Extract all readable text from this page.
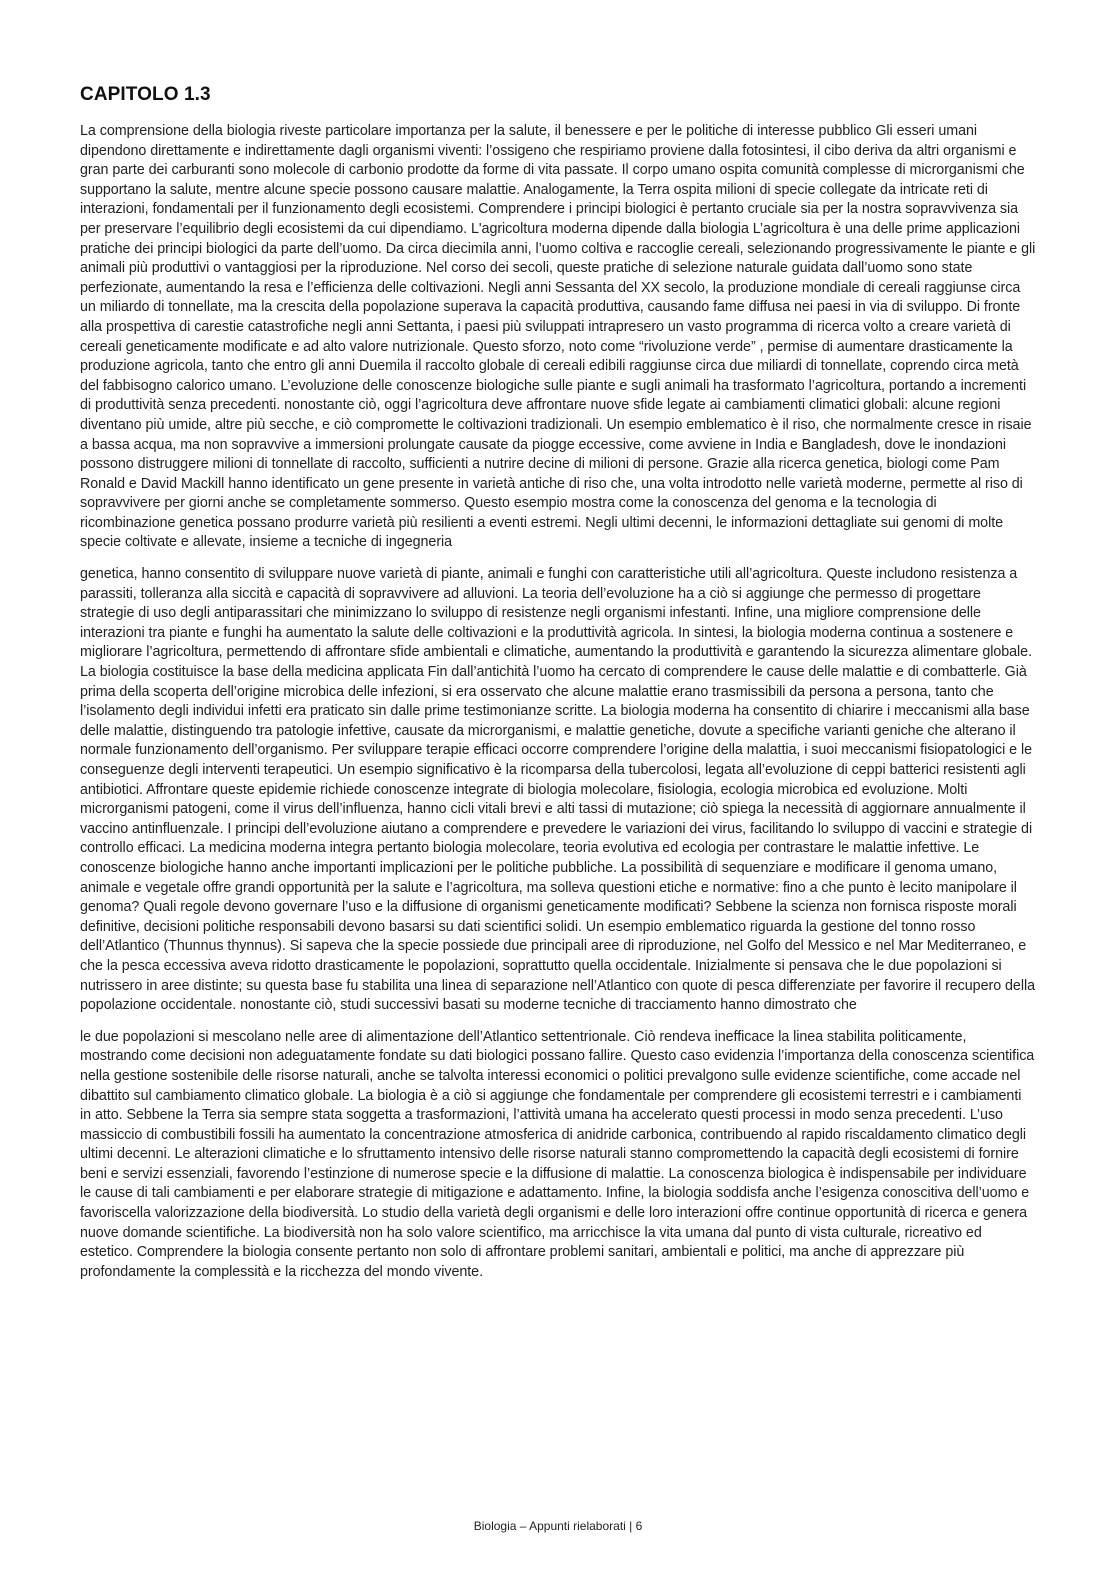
CAPITOLO 1.3

La comprensione della biologia riveste particolare importanza per la salute, il benessere e per le politiche di interesse pubblico Gli esseri umani dipendono direttamente e indirettamente dagli organismi viventi: l’ossigeno che respiriamo proviene dalla fotosintesi, il cibo deriva da altri organismi e gran parte dei carburanti sono molecole di carbonio prodotte da forme di vita passate. Il corpo umano ospita comunità complesse di microrganismi che supportano la salute, mentre alcune specie possono causare malattie. Analogamente, la Terra ospita milioni di specie collegate da intricate reti di interazioni, fondamentali per il funzionamento degli ecosistemi. Comprendere i principi biologici è pertanto cruciale sia per la nostra sopravvivenza sia per preservare l’equilibrio degli ecosistemi da cui dipendiamo. L'agricoltura moderna dipende dalla biologia L’agricoltura è una delle prime applicazioni pratiche dei principi biologici da parte dell’uomo. Da circa diecimila anni, l’uomo coltiva e raccoglie cereali, selezionando progressivamente le piante e gli animali più produttivi o vantaggiosi per la riproduzione. Nel corso dei secoli, queste pratiche di selezione naturale guidata dall’uomo sono state perfezionate, aumentando la resa e l’efficienza delle coltivazioni. Negli anni Sessanta del XX secolo, la produzione mondiale di cereali raggiunse circa un miliardo di tonnellate, ma la crescita della popolazione superava la capacità produttiva, causando fame diffusa nei paesi in via di sviluppo. Di fronte alla prospettiva di carestie catastrofiche negli anni Settanta, i paesi più sviluppati intrapresero un vasto programma di ricerca volto a creare varietà di cereali geneticamente modificate e ad alto valore nutrizionale. Questo sforzo, noto come “rivoluzione verde” , permise di aumentare drasticamente la produzione agricola, tanto che entro gli anni Duemila il raccolto globale di cereali edibili raggiunse circa due miliardi di tonnellate, coprendo circa metà del fabbisogno calorico umano. L’evoluzione delle conoscenze biologiche sulle piante e sugli animali ha trasformato l’agricoltura, portando a incrementi di produttività senza precedenti. nonostante ciò, oggi l’agricoltura deve affrontare nuove sfide legate ai cambiamenti climatici globali: alcune regioni diventano più umide, altre più secche, e ciò compromette le coltivazioni tradizionali. Un esempio emblematico è il riso, che normalmente cresce in risaie a bassa acqua, ma non sopravvive a immersioni prolungate causate da piogge eccessive, come avviene in India e Bangladesh, dove le inondazioni possono distruggere milioni di tonnellate di raccolto, sufficienti a nutrire decine di milioni di persone. Grazie alla ricerca genetica, biologi come Pam Ronald e David Mackill hanno identificato un gene presente in varietà antiche di riso che, una volta introdotto nelle varietà moderne, permette al riso di sopravvivere per giorni anche se completamente sommerso. Questo esempio mostra come la conoscenza del genoma e la tecnologia di ricombinazione genetica possano produrre varietà più resilienti a eventi estremi. Negli ultimi decenni, le informazioni dettagliate sui genomi di molte specie coltivate e allevate, insieme a tecniche di ingegneria

genetica, hanno consentito di sviluppare nuove varietà di piante, animali e funghi con caratteristiche utili all’agricoltura. Queste includono resistenza a parassiti, tolleranza alla siccità e capacità di sopravvivere ad alluvioni. La teoria dell’evoluzione ha a ciò si aggiunge che permesso di progettare strategie di uso degli antiparassitari che minimizzano lo sviluppo di resistenze negli organismi infestanti. Infine, una migliore comprensione delle interazioni tra piante e funghi ha aumentato la salute delle coltivazioni e la produttività agricola. In sintesi, la biologia moderna continua a sostenere e migliorare l’agricoltura, permettendo di affrontare sfide ambientali e climatiche, aumentando la produttività e garantendo la sicurezza alimentare globale. La biologia costituisce la base della medicina applicata Fin dall’antichità l’uomo ha cercato di comprendere le cause delle malattie e di combatterle. Già prima della scoperta dell’origine microbica delle infezioni, si era osservato che alcune malattie erano trasmissibili da persona a persona, tanto che l’isolamento degli individui infetti era praticato sin dalle prime testimonianze scritte. La biologia moderna ha consentito di chiarire i meccanismi alla base delle malattie, distinguendo tra patologie infettive, causate da microrganismi, e malattie genetiche, dovute a specifiche varianti geniche che alterano il normale funzionamento dell’organismo. Per sviluppare terapie efficaci occorre comprendere l’origine della malattia, i suoi meccanismi fisiopatologici e le conseguenze degli interventi terapeutici. Un esempio significativo è la ricomparsa della tubercolosi, legata all’evoluzione di ceppi batterici resistenti agli antibiotici. Affrontare queste epidemie richiede conoscenze integrate di biologia molecolare, fisiologia, ecologia microbica ed evoluzione. Molti microrganismi patogeni, come il virus dell’influenza, hanno cicli vitali brevi e alti tassi di mutazione; ciò spiega la necessità di aggiornare annualmente il vaccino antinfluenzale. I principi dell’evoluzione aiutano a comprendere e prevedere le variazioni dei virus, facilitando lo sviluppo di vaccini e strategie di controllo efficaci. La medicina moderna integra pertanto biologia molecolare, teoria evolutiva ed ecologia per contrastare le malattie infettive. Le conoscenze biologiche hanno anche importanti implicazioni per le politiche pubbliche. La possibilità di sequenziare e modificare il genoma umano, animale e vegetale offre grandi opportunità per la salute e l’agricoltura, ma solleva questioni etiche e normative: fino a che punto è lecito manipolare il genoma? Quali regole devono governare l’uso e la diffusione di organismi geneticamente modificati? Sebbene la scienza non fornisca risposte morali definitive, decisioni politiche responsabili devono basarsi su dati scientifici solidi. Un esempio emblematico riguarda la gestione del tonno rosso dell’Atlantico (Thunnus thynnus). Si sapeva che la specie possiede due principali aree di riproduzione, nel Golfo del Messico e nel Mar Mediterraneo, e che la pesca eccessiva aveva ridotto drasticamente le popolazioni, soprattutto quella occidentale. Inizialmente si pensava che le due popolazioni si nutrissero in aree distinte; su questa base fu stabilita una linea di separazione nell’Atlantico con quote di pesca differenziate per favorire il recupero della popolazione occidentale. nonostante ciò, studi successivi basati su moderne tecniche di tracciamento hanno dimostrato che

le due popolazioni si mescolano nelle aree di alimentazione dell’Atlantico settentrionale. Ciò rendeva inefficace la linea stabilita politicamente, mostrando come decisioni non adeguatamente fondate su dati biologici possano fallire. Questo caso evidenzia l’importanza della conoscenza scientifica nella gestione sostenibile delle risorse naturali, anche se talvolta interessi economici o politici prevalgono sulle evidenze scientifiche, come accade nel dibattito sul cambiamento climatico globale. La biologia è a ciò si aggiunge che fondamentale per comprendere gli ecosistemi terrestri e i cambiamenti in atto. Sebbene la Terra sia sempre stata soggetta a trasformazioni, l’attività umana ha accelerato questi processi in modo senza precedenti. L’uso massiccio di combustibili fossili ha aumentato la concentrazione atmosferica di anidride carbonica, contribuendo al rapido riscaldamento climatico degli ultimi decenni. Le alterazioni climatiche e lo sfruttamento intensivo delle risorse naturali stanno compromettendo la capacità degli ecosistemi di fornire beni e servizi essenziali, favorendo l’estinzione di numerose specie e la diffusione di malattie. La conoscenza biologica è indispensabile per individuare le cause di tali cambiamenti e per elaborare strategie di mitigazione e adattamento. Infine, la biologia soddisfa anche l’esigenza conoscitiva dell’uomo e favoriscella valorizzazione della biodiversità. Lo studio della varietà degli organismi e delle loro interazioni offre continue opportunità di ricerca e genera nuove domande scientifiche. La biodiversità non ha solo valore scientifico, ma arricchisce la vita umana dal punto di vista culturale, ricreativo ed estetico. Comprendere la biologia consente pertanto non solo di affrontare problemi sanitari, ambientali e politici, ma anche di apprezzare più profondamente la complessità e la ricchezza del mondo vivente.

Biologia – Appunti rielaborati | 6
